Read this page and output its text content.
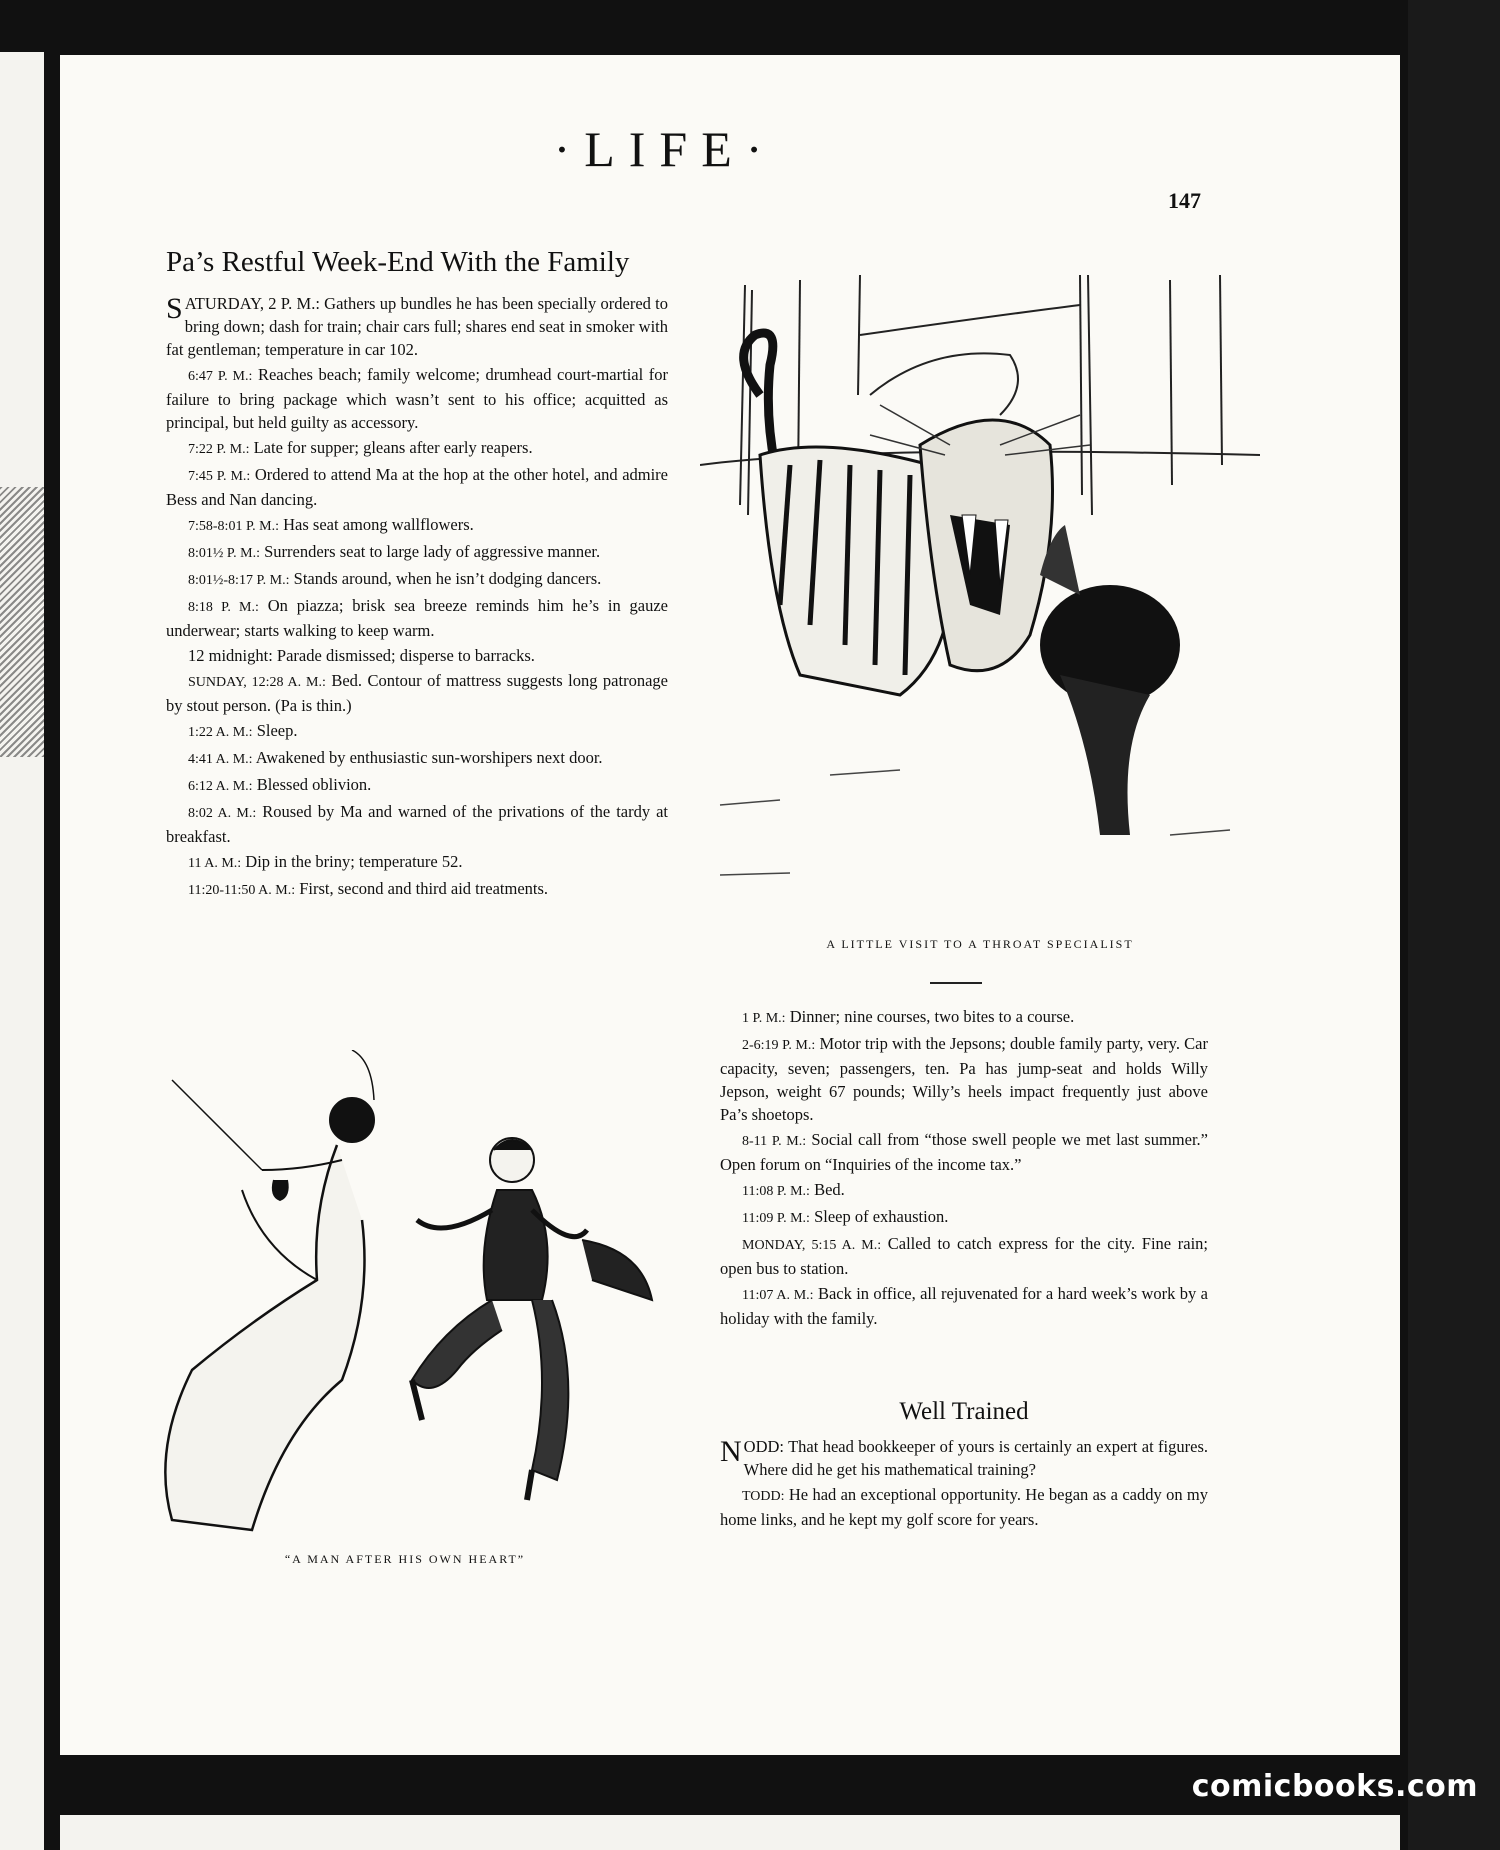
·LIFE·
147
Pa’s Restful Week-End With the Family

SATURDAY, 2 P. M.: Gathers up bundles he has been specially ordered to bring down; dash for train; chair cars full; shares end seat in smoker with fat gentleman; temperature in car 102.

6:47 P. M.: Reaches beach; family welcome; drumhead court-martial for failure to bring package which wasn’t sent to his office; acquitted as principal, but held guilty as accessory.

7:22 P. M.: Late for supper; gleans after early reapers.

7:45 P. M.: Ordered to attend Ma at the hop at the other hotel, and admire Bess and Nan dancing.

7:58-8:01 P. M.: Has seat among wallflowers.

8:01½ P. M.: Surrenders seat to large lady of aggressive manner.

8:01½-8:17 P. M.: Stands around, when he isn’t dodging dancers.

8:18 P. M.: On piazza; brisk sea breeze reminds him he’s in gauze underwear; starts walking to keep warm.

12 midnight: Parade dismissed; disperse to barracks.

SUNDAY, 12:28 A. M.: Bed. Contour of mattress suggests long patronage by stout person. (Pa is thin.)

1:22 A. M.: Sleep.

4:41 A. M.: Awakened by enthusiastic sun-worshipers next door.

6:12 A. M.: Blessed oblivion.

8:02 A. M.: Roused by Ma and warned of the privations of the tardy at breakfast.

11 A. M.: Dip in the briny; temperature 52.

11:20-11:50 A. M.: First, second and third aid treatments.

A LITTLE VISIT TO A THROAT SPECIALIST

1 P. M.: Dinner; nine courses, two bites to a course.

2-6:19 P. M.: Motor trip with the Jepsons; double family party, very. Car capacity, seven; passengers, ten. Pa has jump-seat and holds Willy Jepson, weight 67 pounds; Willy’s heels impact frequently just above Pa’s shoetops.

8-11 P. M.: Social call from “those swell people we met last summer.” Open forum on “Inquiries of the income tax.”

11:08 P. M.: Bed.

11:09 P. M.: Sleep of exhaustion.

MONDAY, 5:15 A. M.: Called to catch express for the city. Fine rain; open bus to station.

11:07 A. M.: Back in office, all rejuvenated for a hard week’s work by a holiday with the family.

Well Trained

NODD: That head bookkeeper of yours is certainly an expert at figures. Where did he get his mathematical training?

TODD: He had an exceptional opportunity. He began as a caddy on my home links, and he kept my golf score for years.

“A MAN AFTER HIS OWN HEART”
comicbooks.com
